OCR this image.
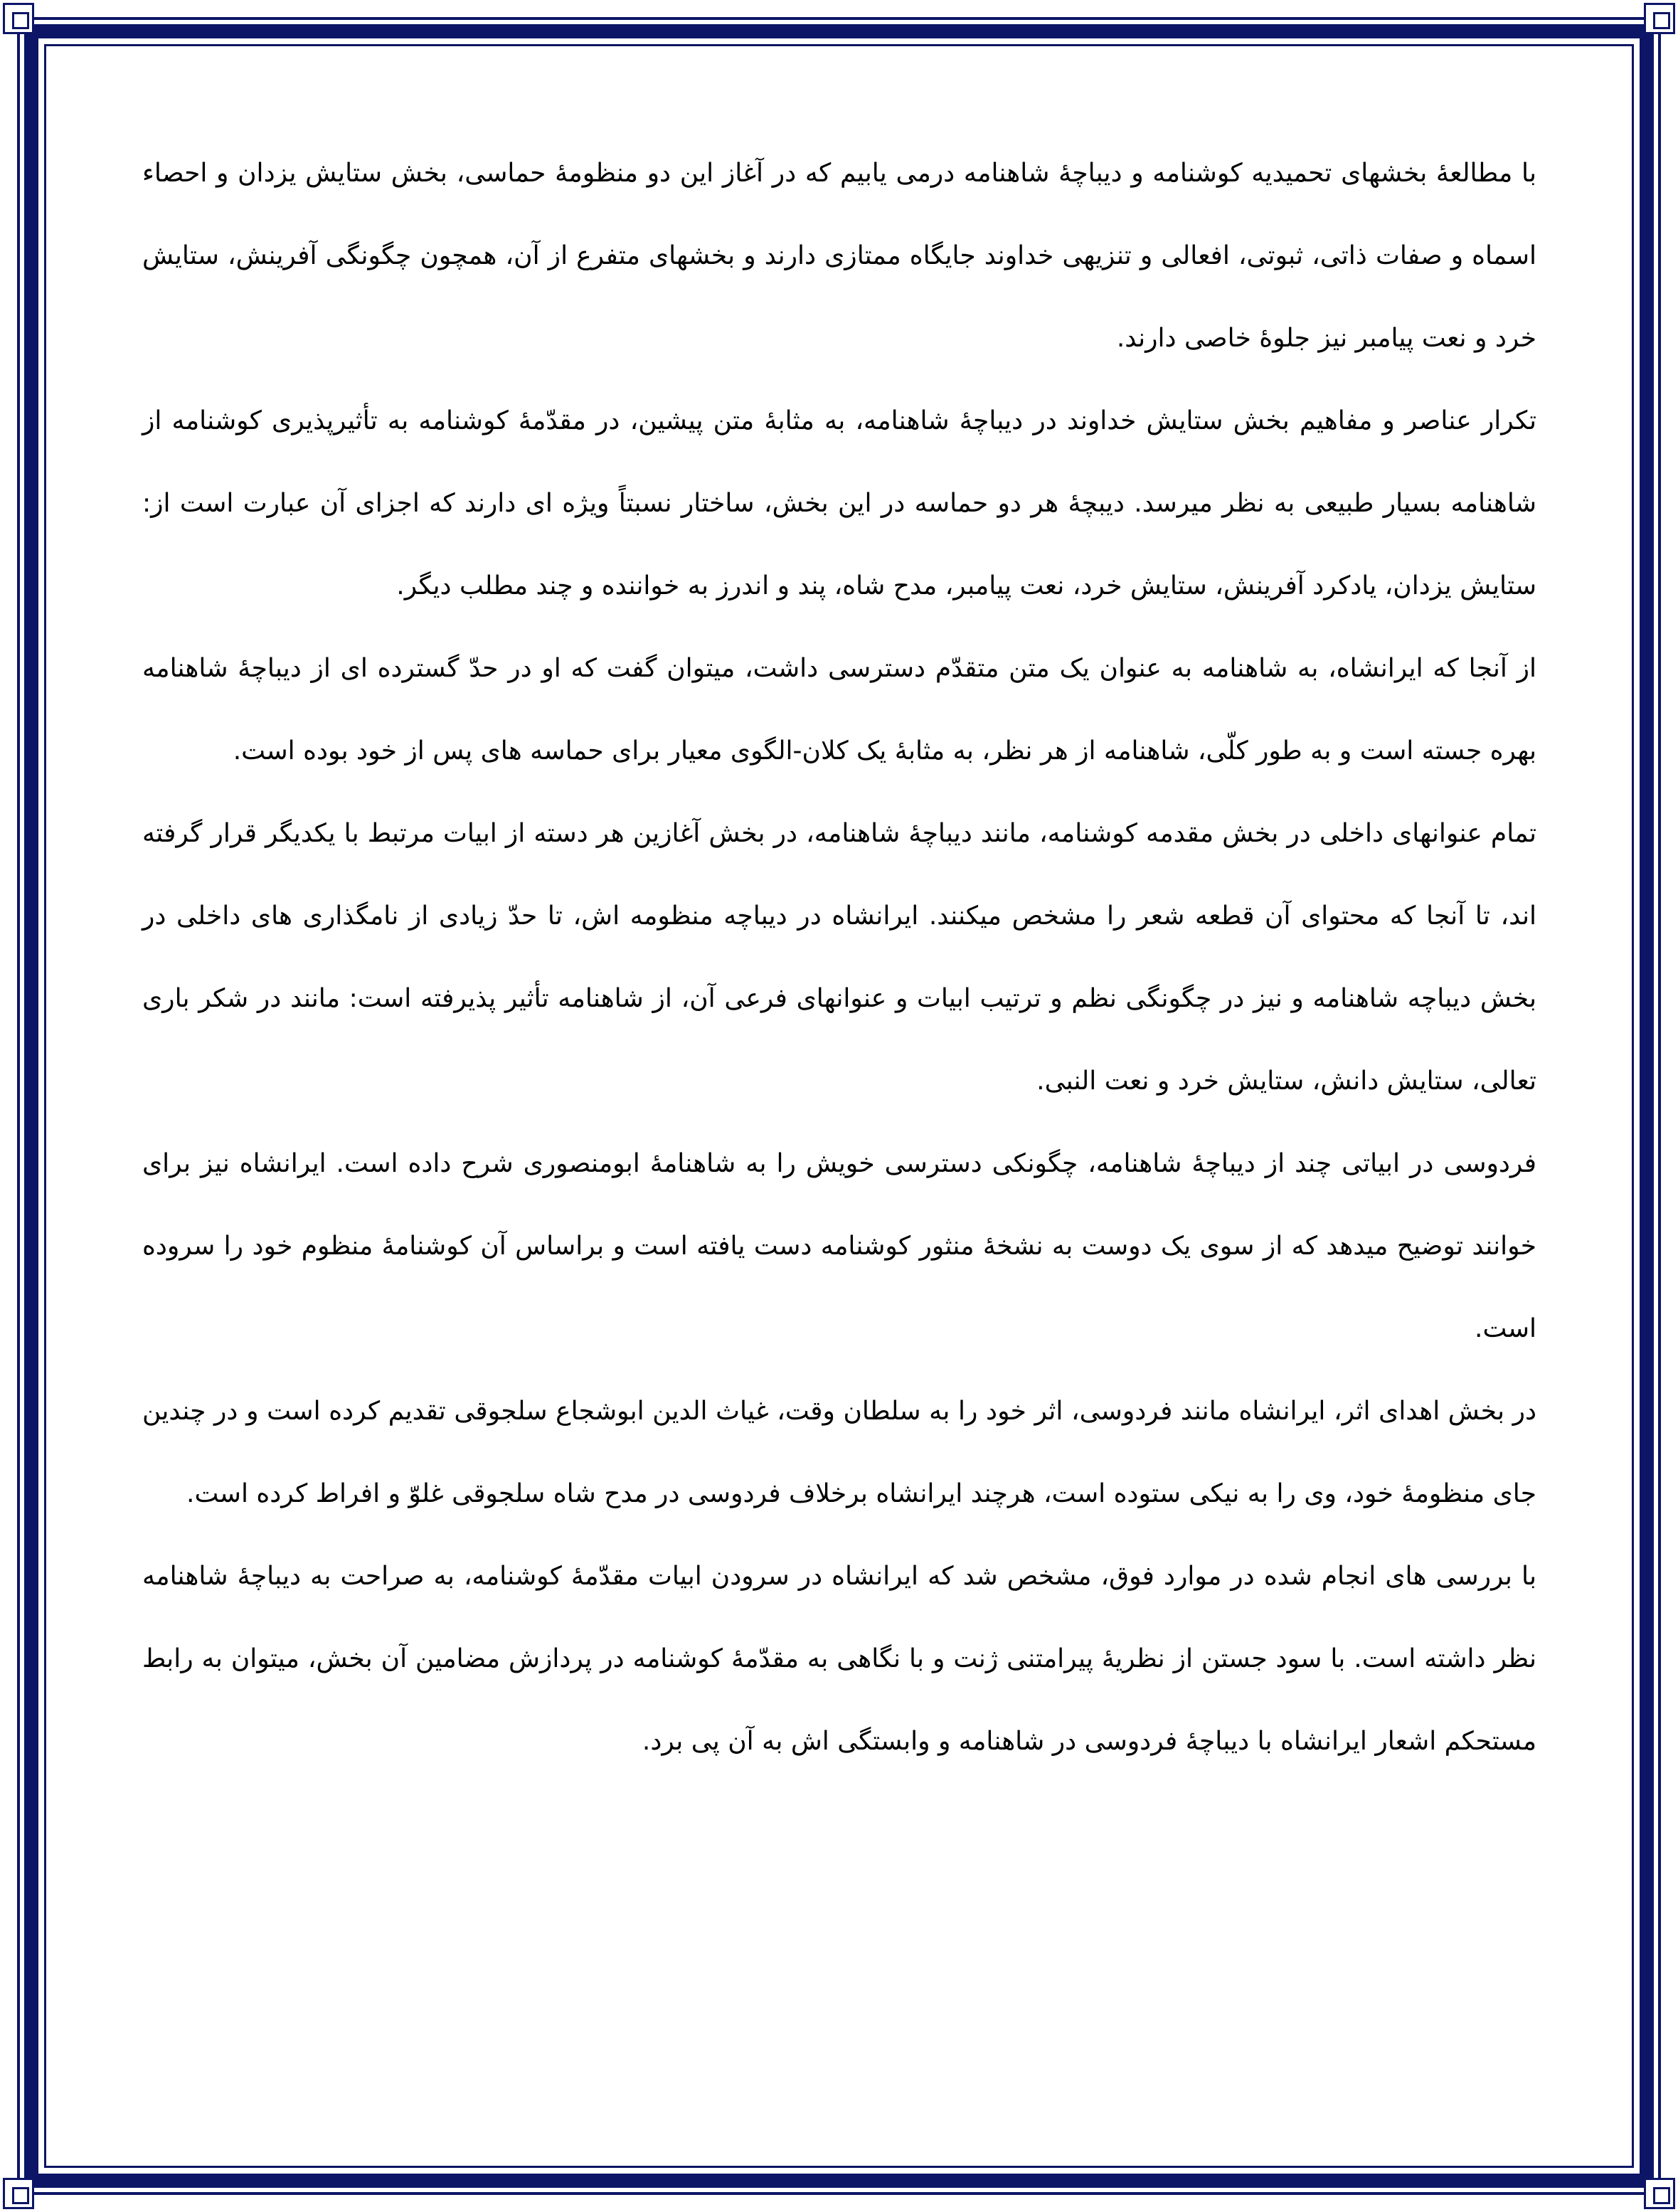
با مطالعۀ بخشهای تحمیدیه کوشنامه و دیباچۀ شاهنامه درمی یابیم که در آغاز این دو منظومۀ حماسی، بخش ستایش یزدان و احصاء اسماه و صفات ذاتی، ثبوتی، افعالی و تنزیهی خداوند جایگاه ممتازی دارند و بخشهای متفرع از آن، همچون چگونگی آفرینش، ستایش خرد و نعت پیامبر نیز جلوۀ خاصی دارند.

تکرار عناصر و مفاهیم بخش ستایش خداوند در دیباچۀ شاهنامه، به مثابۀ متن پیشین، در مقدّمۀ کوشنامه به تأثیرپذیری کوشنامه از شاهنامه بسیار طبیعی به نظر میرسد. دیبچۀ هر دو حماسه در این بخش، ساختار نسبتاً ویژه ای دارند که اجزای آن عبارت است از: ستایش یزدان، یادکرد آفرینش، ستایش خرد، نعت پیامبر، مدح شاه، پند و اندرز به خواننده و چند مطلب دیگر.

از آنجا که ایرانشاه، به شاهنامه به عنوان یک متن متقدّم دسترسی داشت، میتوان گفت که او در حدّ گسترده ای از دیباچۀ شاهنامه بهره جسته است و به طور کلّی، شاهنامه از هر نظر، به مثابۀ یک کلان-الگوی معیار برای حماسه های پس از خود بوده است.

تمام عنوانهای داخلی در بخش مقدمه کوشنامه، مانند دیباچۀ شاهنامه، در بخش آغازین هر دسته از ابیات مرتبط با یکدیگر قرار گرفته اند، تا آنجا که محتوای آن قطعه شعر را مشخص میکنند. ایرانشاه در دیباچه منظومه اش، تا حدّ زیادی از نامگذاری های داخلی در بخش دیباچه شاهنامه و نیز در چگونگی نظم و ترتیب ابیات و عنوانهای فرعی آن، از شاهنامه تأثیر پذیرفته است: مانند در شکر باری تعالی، ستایش دانش، ستایش خرد و نعت النبی.

فردوسی در ابیاتی چند از دیباچۀ شاهنامه، چگونکی دسترسی خویش را به شاهنامۀ ابومنصوری شرح داده است. ایرانشاه نیز برای خوانند توضیح میدهد که از سوی یک دوست به نشخۀ منثور کوشنامه دست یافته است و براساس آن کوشنامۀ منظوم خود را سروده است.

در بخش اهدای اثر، ایرانشاه مانند فردوسی، اثر خود را به سلطان وقت، غیاث الدین ابوشجاع سلجوقی تقدیم کرده است و در چندین جای منظومۀ خود، وی را به نیکی ستوده است، هرچند ایرانشاه برخلاف فردوسی در مدح شاه سلجوقی غلوّ و افراط کرده است.

با بررسی های انجام شده در موارد فوق، مشخص شد که ایرانشاه در سرودن ابیات مقدّمۀ کوشنامه، به صراحت به دیباچۀ شاهنامه نظر داشته است. با سود جستن از نظریۀ پیرامتنی ژنت و با نگاهی به مقدّمۀ کوشنامه در پردازش مضامین آن بخش، میتوان به رابط مستحکم اشعار ایرانشاه با دیباچۀ فردوسی در شاهنامه و وابستگی اش به آن پی برد.
